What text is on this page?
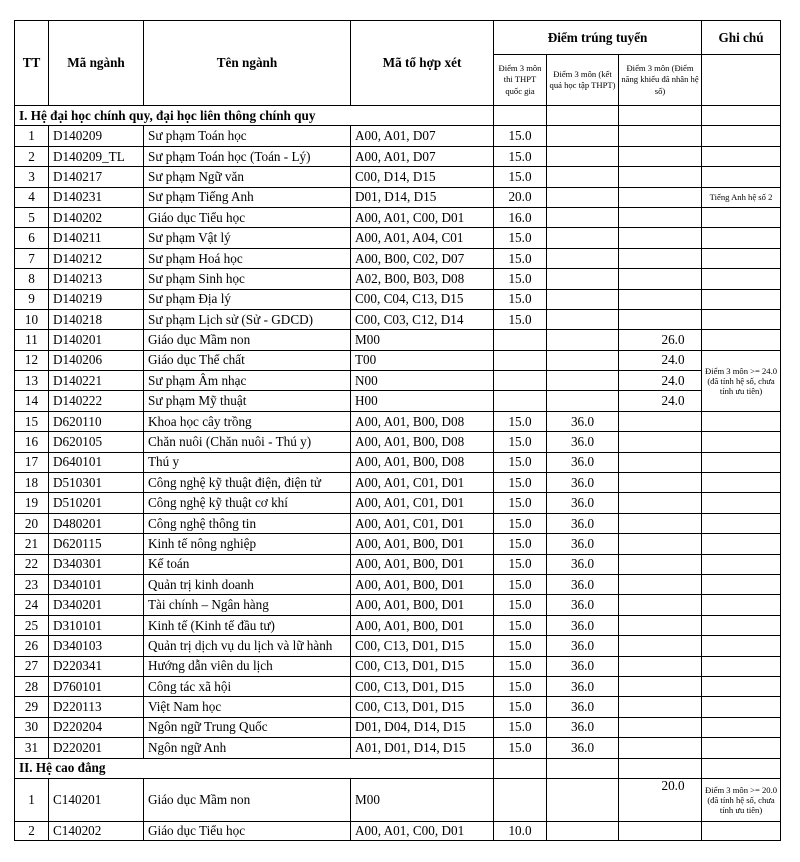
TT	Mã ngành	Tên ngành	Mã tổ hợp xét	Điểm trúng tuyển			Ghi chú
				Điểm 3 môn thi THPT quốc gia	Điểm 3 môn (kết quả học tập THPT)	Điểm 3 môn (Điểm năng khiếu đã nhân hệ số)	
I. Hệ đại học chính quy, đại học liên thông chính quy							
1	D140209	Sư phạm Toán học	A00, A01, D07	15.0			
2	D140209_TL	Sư phạm Toán học (Toán - Lý)	A00, A01, D07	15.0			
3	D140217	Sư phạm Ngữ văn	C00, D14, D15	15.0			
4	D140231	Sư phạm Tiếng Anh	D01, D14, D15	20.0			Tiếng Anh hệ số 2
5	D140202	Giáo dục Tiểu học	A00, A01, C00, D01	16.0			
6	D140211	Sư phạm Vật lý	A00, A01, A04, C01	15.0			
7	D140212	Sư phạm Hoá học	A00, B00, C02, D07	15.0			
8	D140213	Sư phạm Sinh học	A02, B00, B03, D08	15.0			
9	D140219	Sư phạm Địa lý	C00, C04, C13, D15	15.0			
10	D140218	Sư phạm Lịch sử (Sử - GDCD)	C00, C03, C12, D14	15.0			
11	D140201	Giáo dục Mầm non	M00			26.0	
12	D140206	Giáo dục Thể chất	T00			24.0	Điểm 3 môn >= 24.0 (đã tính hệ số, chưa tính ưu tiên)
13	D140221	Sư phạm Âm nhạc	N00			24.0	
14	D140222	Sư phạm Mỹ thuật	H00			24.0	
15	D620110	Khoa học cây trồng	A00, A01, B00, D08	15.0	36.0		
16	D620105	Chăn nuôi (Chăn nuôi - Thú y)	A00, A01, B00, D08	15.0	36.0		
17	D640101	Thú y	A00, A01, B00, D08	15.0	36.0		
18	D510301	Công nghệ kỹ thuật điện, điện tử	A00, A01, C01, D01	15.0	36.0		
19	D510201	Công nghệ kỹ thuật cơ khí	A00, A01, C01, D01	15.0	36.0		
20	D480201	Công nghệ thông tin	A00, A01, C01, D01	15.0	36.0		
21	D620115	Kinh tế nông nghiệp	A00, A01, B00, D01	15.0	36.0		
22	D340301	Kế toán	A00, A01, B00, D01	15.0	36.0		
23	D340101	Quản trị kinh doanh	A00, A01, B00, D01	15.0	36.0		
24	D340201	Tài chính – Ngân hàng	A00, A01, B00, D01	15.0	36.0		
25	D310101	Kinh tế (Kinh tế đầu tư)	A00, A01, B00, D01	15.0	36.0		
26	D340103	Quản trị dịch vụ du lịch và lữ hành	C00, C13, D01, D15	15.0	36.0		
27	D220341	Hướng dẫn viên du lịch	C00, C13, D01, D15	15.0	36.0		
28	D760101	Công tác xã hội	C00, C13, D01, D15	15.0	36.0		
29	D220113	Việt Nam học	C00, C13, D01, D15	15.0	36.0		
30	D220204	Ngôn ngữ Trung Quốc	D01, D04, D14, D15	15.0	36.0		
31	D220201	Ngôn ngữ Anh	A01, D01, D14, D15	15.0	36.0		
II. Hệ cao đẳng							
1	C140201	Giáo dục Mầm non	M00			20.0	Điểm 3 môn >= 20.0 (đã tính hệ số, chưa tính ưu tiên)
2	C140202	Giáo dục Tiểu học	A00, A01, C00, D01	10.0			
